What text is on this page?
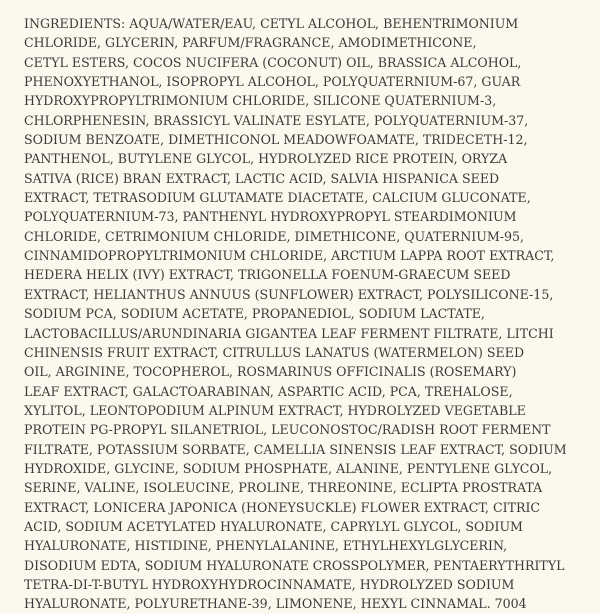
INGREDIENTS: AQUA/WATER/EAU, CETYL ALCOHOL, BEHENTRIMONIUM
CHLORIDE, GLYCERIN, PARFUM/FRAGRANCE, AMODIMETHICONE,
CETYL ESTERS, COCOS NUCIFERA (COCONUT) OIL, BRASSICA ALCOHOL,
PHENOXYETHANOL, ISOPROPYL ALCOHOL, POLYQUATERNIUM-67, GUAR
HYDROXYPROPYLTRIMONIUM CHLORIDE, SILICONE QUATERNIUM-3,
CHLORPHENESIN, BRASSICYL VALINATE ESYLATE, POLYQUATERNIUM-37,
SODIUM BENZOATE, DIMETHICONOL MEADOWFOAMATE, TRIDECETH-12,
PANTHENOL, BUTYLENE GLYCOL, HYDROLYZED RICE PROTEIN, ORYZA
SATIVA (RICE) BRAN EXTRACT, LACTIC ACID, SALVIA HISPANICA SEED
EXTRACT, TETRASODIUM GLUTAMATE DIACETATE, CALCIUM GLUCONATE,
POLYQUATERNIUM-73, PANTHENYL HYDROXYPROPYL STEARDIMONIUM
CHLORIDE, CETRIMONIUM CHLORIDE, DIMETHICONE, QUATERNIUM-95,
CINNAMIDOPROPYLTRIMONIUM CHLORIDE, ARCTIUM LAPPA ROOT EXTRACT,
HEDERA HELIX (IVY) EXTRACT, TRIGONELLA FOENUM-GRAECUM SEED
EXTRACT, HELIANTHUS ANNUUS (SUNFLOWER) EXTRACT, POLYSILICONE-15,
SODIUM PCA, SODIUM ACETATE, PROPANEDIOL, SODIUM LACTATE,
LACTOBACILLUS/ARUNDINARIA GIGANTEA LEAF FERMENT FILTRATE, LITCHI
CHINENSIS FRUIT EXTRACT, CITRULLUS LANATUS (WATERMELON) SEED
OIL, ARGININE, TOCOPHEROL, ROSMARINUS OFFICINALIS (ROSEMARY)
LEAF EXTRACT, GALACTOARABINAN, ASPARTIC ACID, PCA, TREHALOSE,
XYLITOL, LEONTOPODIUM ALPINUM EXTRACT, HYDROLYZED VEGETABLE
PROTEIN PG-PROPYL SILANETRIOL, LEUCONOSTOC/RADISH ROOT FERMENT
FILTRATE, POTASSIUM SORBATE, CAMELLIA SINENSIS LEAF EXTRACT, SODIUM
HYDROXIDE, GLYCINE, SODIUM PHOSPHATE, ALANINE, PENTYLENE GLYCOL,
SERINE, VALINE, ISOLEUCINE, PROLINE, THREONINE, ECLIPTA PROSTRATA
EXTRACT, LONICERA JAPONICA (HONEYSUCKLE) FLOWER EXTRACT, CITRIC
ACID, SODIUM ACETYLATED HYALURONATE, CAPRYLYL GLYCOL, SODIUM
HYALURONATE, HISTIDINE, PHENYLALANINE, ETHYLHEXYLGLYCERIN,
DISODIUM EDTA, SODIUM HYALURONATE CROSSPOLYMER, PENTAERYTHRITYL
TETRA-DI-T-BUTYL HYDROXYHYDROCINNAMATE, HYDROLYZED SODIUM
HYALURONATE, POLYURETHANE-39, LIMONENE, HEXYL CINNAMAL. 7004
